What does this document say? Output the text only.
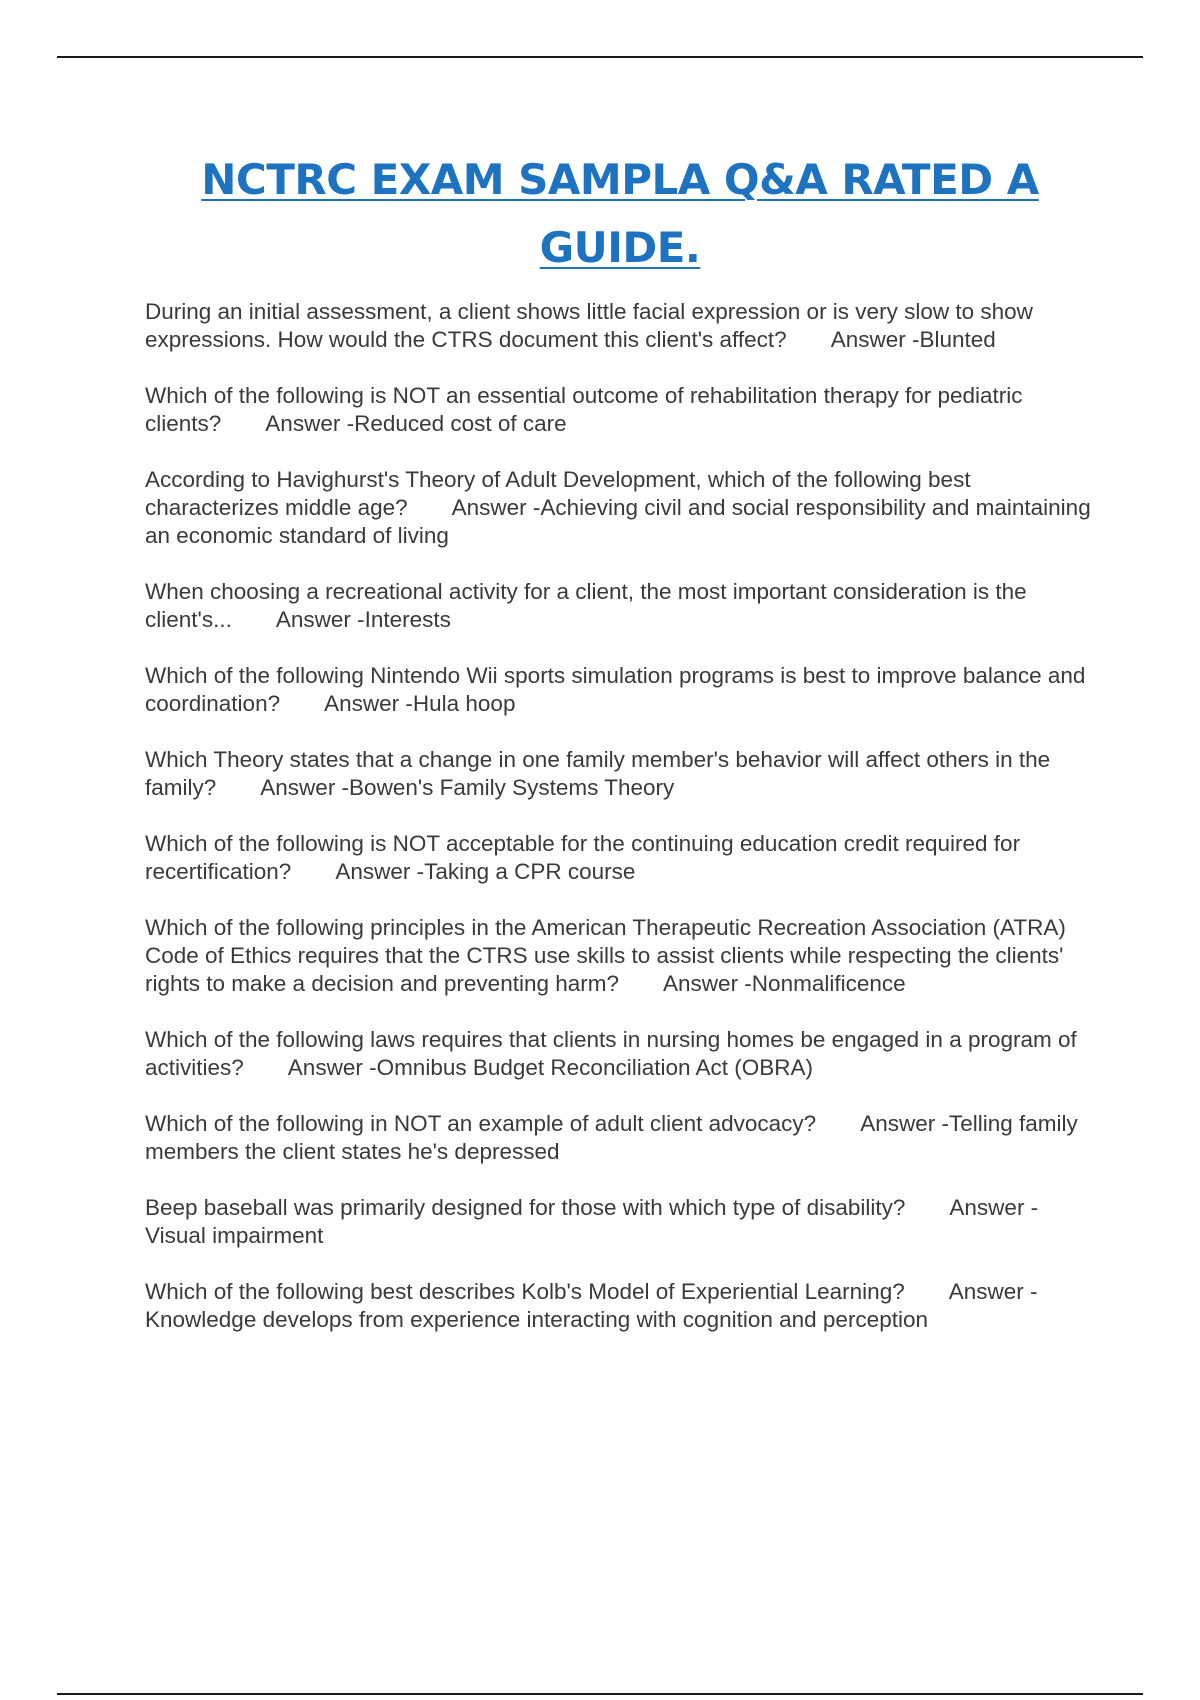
NCTRC EXAM SAMPLA Q&A RATED A
GUIDE.

During an initial assessment, a client shows little facial expression or is very slow to show expressions. How would the CTRS document this client's affect? Answer -Blunted

Which of the following is NOT an essential outcome of rehabilitation therapy for pediatric clients? Answer -Reduced cost of care

According to Havighurst's Theory of Adult Development, which of the following best characterizes middle age? Answer -Achieving civil and social responsibility and maintaining an economic standard of living

When choosing a recreational activity for a client, the most important consideration is the client's... Answer -Interests

Which of the following Nintendo Wii sports simulation programs is best to improve balance and coordination? Answer -Hula hoop

Which Theory states that a change in one family member's behavior will affect others in the family? Answer -Bowen's Family Systems Theory

Which of the following is NOT acceptable for the continuing education credit required for recertification? Answer -Taking a CPR course

Which of the following principles in the American Therapeutic Recreation Association (ATRA) Code of Ethics requires that the CTRS use skills to assist clients while respecting the clients' rights to make a decision and preventing harm? Answer -Nonmalificence

Which of the following laws requires that clients in nursing homes be engaged in a program of activities? Answer -Omnibus Budget Reconciliation Act (OBRA)

Which of the following in NOT an example of adult client advocacy? Answer -Telling family members the client states he's depressed

Beep baseball was primarily designed for those with which type of disability? Answer -Visual impairment

Which of the following best describes Kolb's Model of Experiential Learning? Answer -Knowledge develops from experience interacting with cognition and perception
